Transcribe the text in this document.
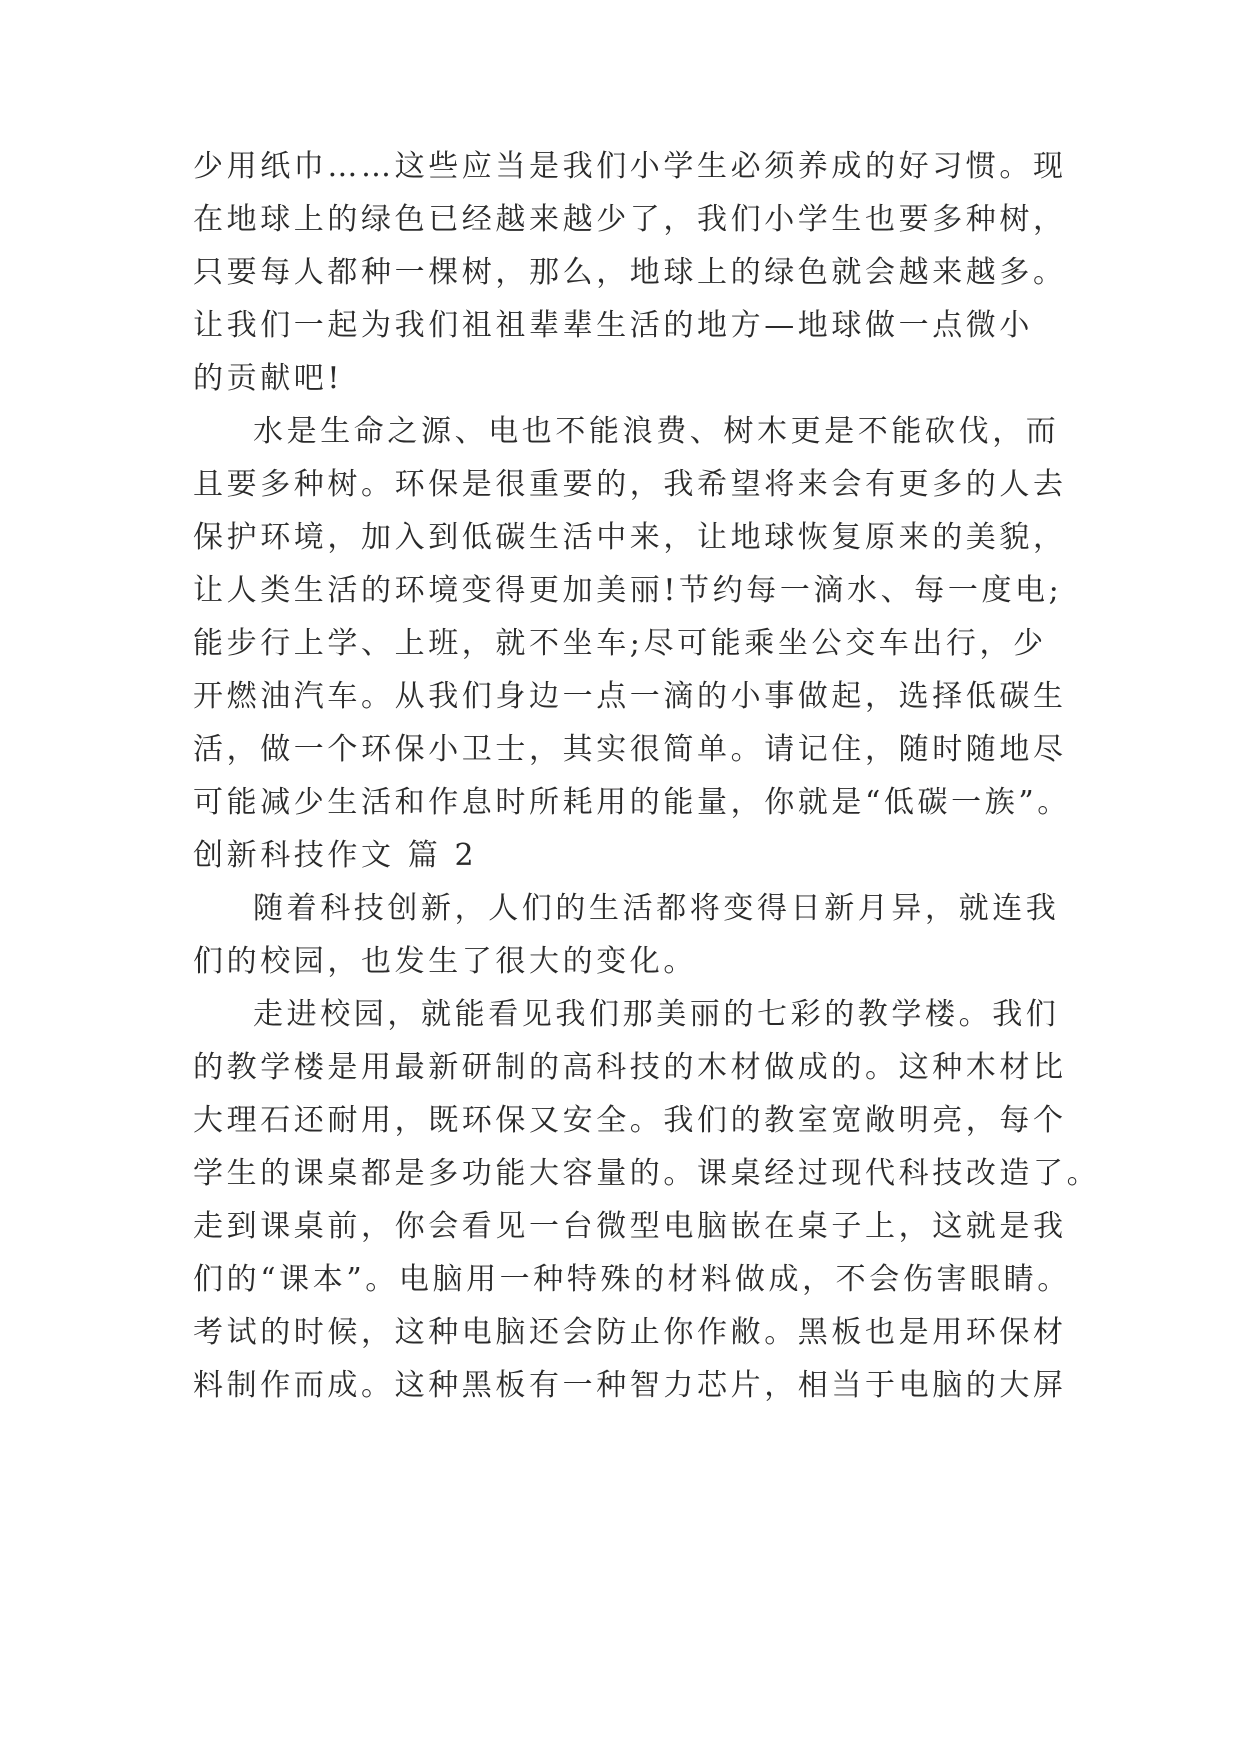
少用纸巾……这些应当是我们小学生必须养成的好习惯。现
在地球上的绿色已经越来越少了，我们小学生也要多种树，
只要每人都种一棵树，那么，地球上的绿色就会越来越多。
让我们一起为我们祖祖辈辈生活的地方—地球做一点微小
的贡献吧!
水是生命之源、电也不能浪费、树木更是不能砍伐，而
且要多种树。环保是很重要的，我希望将来会有更多的人去
保护环境，加入到低碳生活中来，让地球恢复原来的美貌，
让人类生活的环境变得更加美丽!节约每一滴水、每一度电;
能步行上学、上班，就不坐车;尽可能乘坐公交车出行，少
开燃油汽车。从我们身边一点一滴的小事做起，选择低碳生
活，做一个环保小卫士，其实很简单。请记住，随时随地尽
可能减少生活和作息时所耗用的能量，你就是“低碳一族”。
创新科技作文 篇 2
随着科技创新，人们的生活都将变得日新月异，就连我
们的校园，也发生了很大的变化。
走进校园，就能看见我们那美丽的七彩的教学楼。我们
的教学楼是用最新研制的高科技的木材做成的。这种木材比
大理石还耐用，既环保又安全。我们的教室宽敞明亮，每个
学生的课桌都是多功能大容量的。课桌经过现代科技改造了。
走到课桌前，你会看见一台微型电脑嵌在桌子上，这就是我
们的“课本”。电脑用一种特殊的材料做成，不会伤害眼睛。
考试的时候，这种电脑还会防止你作敝。黑板也是用环保材
料制作而成。这种黑板有一种智力芯片，相当于电脑的大屏
